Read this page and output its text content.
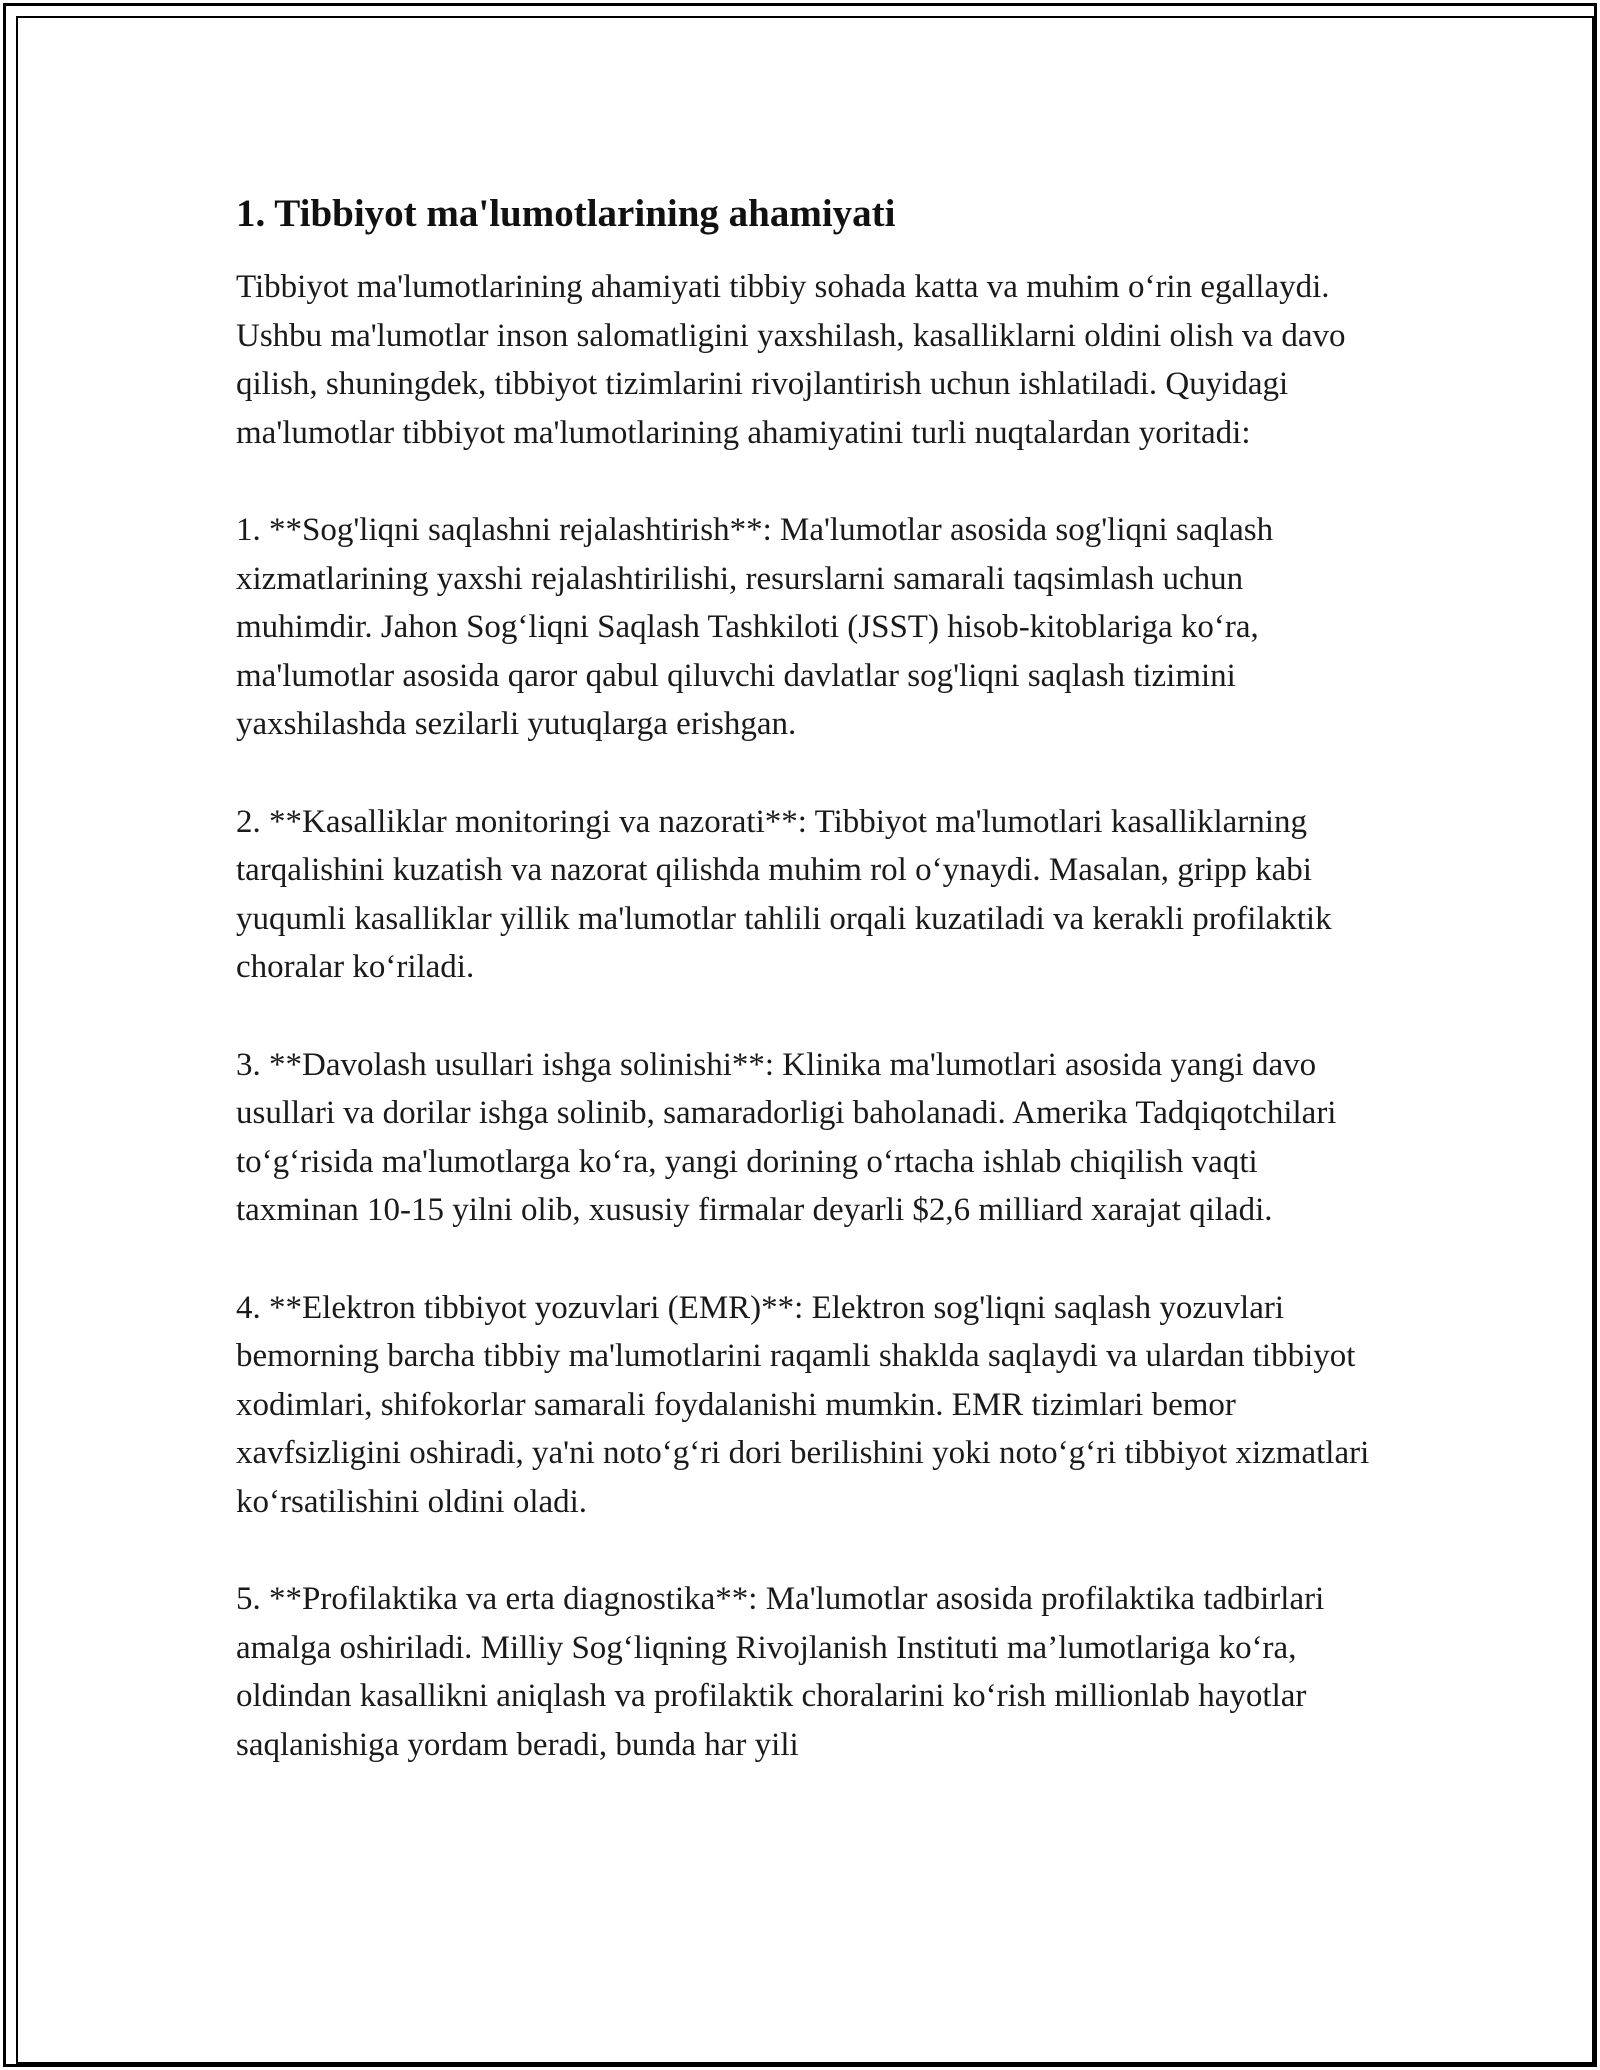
1. Tibbiyot ma'lumotlarining ahamiyati

Tibbiyot ma'lumotlarining ahamiyati tibbiy sohada katta va muhim o‘rin egallaydi. Ushbu ma'lumotlar inson salomatligini yaxshilash, kasalliklarni oldini olish va davo qilish, shuningdek, tibbiyot tizimlarini rivojlantirish uchun ishlatiladi. Quyidagi ma'lumotlar tibbiyot ma'lumotlarining ahamiyatini turli nuqtalardan yoritadi:

1. **Sog'liqni saqlashni rejalashtirish**: Ma'lumotlar asosida sog'liqni saqlash xizmatlarining yaxshi rejalashtirilishi, resurslarni samarali taqsimlash uchun muhimdir. Jahon Sog‘liqni Saqlash Tashkiloti (JSST) hisob-kitoblariga ko‘ra, ma'lumotlar asosida qaror qabul qiluvchi davlatlar sog'liqni saqlash tizimini yaxshilashda sezilarli yutuqlarga erishgan.

2. **Kasalliklar monitoringi va nazorati**: Tibbiyot ma'lumotlari kasalliklarning tarqalishini kuzatish va nazorat qilishda muhim rol o‘ynaydi. Masalan, gripp kabi yuqumli kasalliklar yillik ma'lumotlar tahlili orqali kuzatiladi va kerakli profilaktik choralar ko‘riladi.

3. **Davolash usullari ishga solinishi**: Klinika ma'lumotlari asosida yangi davo usullari va dorilar ishga solinib, samaradorligi baholanadi. Amerika Tadqiqotchilari to‘g‘risida ma'lumotlarga ko‘ra, yangi dorining o‘rtacha ishlab chiqilish vaqti taxminan 10-15 yilni olib, xususiy firmalar deyarli $2,6 milliard xarajat qiladi.

4. **Elektron tibbiyot yozuvlari (EMR)**: Elektron sog'liqni saqlash yozuvlari bemorning barcha tibbiy ma'lumotlarini raqamli shaklda saqlaydi va ulardan tibbiyot xodimlari, shifokorlar samarali foydalanishi mumkin. EMR tizimlari bemor xavfsizligini oshiradi, ya'ni noto‘g‘ri dori berilishini yoki noto‘g‘ri tibbiyot xizmatlari ko‘rsatilishini oldini oladi.

5. **Profilaktika va erta diagnostika**: Ma'lumotlar asosida profilaktika tadbirlari amalga oshiriladi. Milliy Sog‘liqning Rivojlanish Instituti ma’lumotlariga ko‘ra, oldindan kasallikni aniqlash va profilaktik choralarini ko‘rish millionlab hayotlar saqlanishiga yordam beradi, bunda har yili
